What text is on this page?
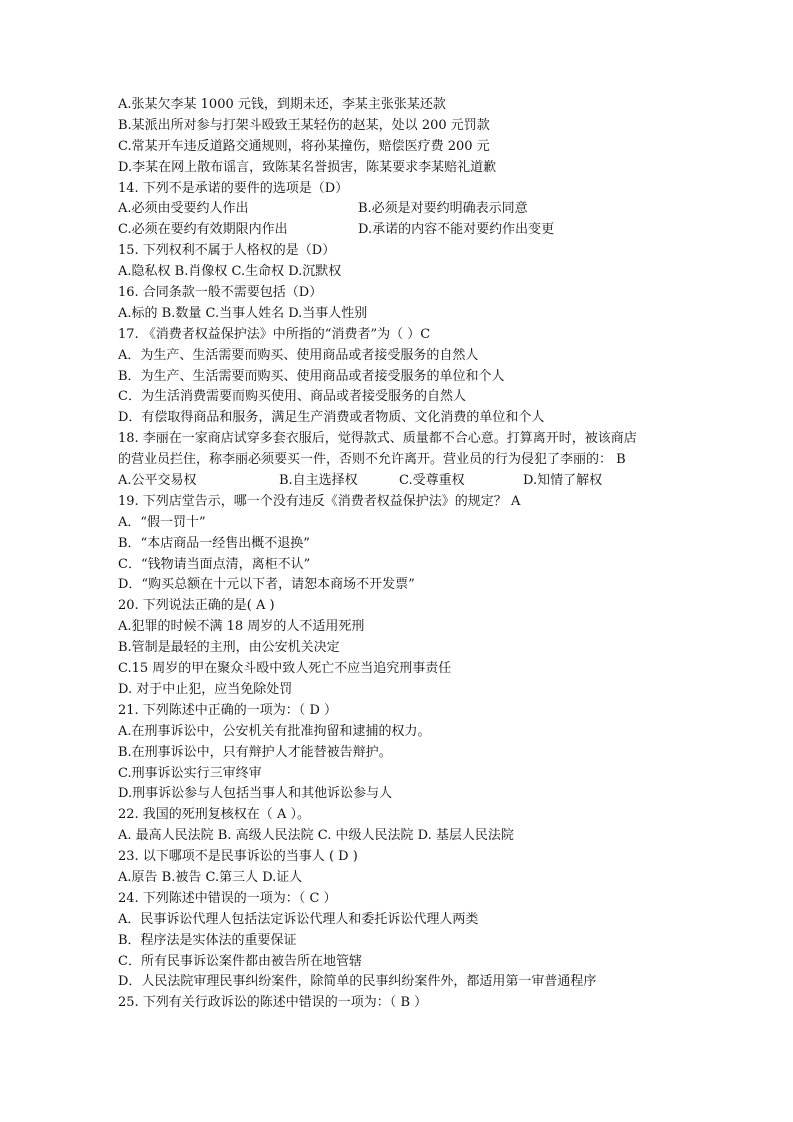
A.张某欠李某 1000 元钱，到期未还，李某主张张某还款
B.某派出所对参与打架斗殴致王某轻伤的赵某，处以 200 元罚款
C.常某开车违反道路交通规则，将孙某撞伤，赔偿医疗费 200 元
D.李某在网上散布谣言，致陈某名誉损害，陈某要求李某赔礼道歉
14. 下列不是承诺的要件的选项是（D）
A.必须由受要约人作出	B.必须是对要约明确表示同意
C.必须在要约有效期限内作出	D.承诺的内容不能对要约作出变更
15. 下列权利不属于人格权的是（D）
A.隐私权 B.肖像权 C.生命权 D.沉默权
16. 合同条款一般不需要包括（D）
A.标的 B.数量 C.当事人姓名 D.当事人性别
17. 《消费者权益保护法》中所指的“消费者”为（ ）C
A．为生产、生活需要而购买、使用商品或者接受服务的自然人
B．为生产、生活需要而购买、使用商品或者接受服务的单位和个人
C．为生活消费需要而购买使用、商品或者接受服务的自然人
D．有偿取得商品和服务，满足生产消费或者物质、文化消费的单位和个人
18. 李丽在一家商店试穿多套衣服后，觉得款式、质量都不合心意。打算离开时，被该商店
的营业员拦住，称李丽必须要买一件，否则不允许离开。营业员的行为侵犯了李丽的： B
A.公平交易权	B.自主选择权	C.受尊重权	D.知情了解权
19. 下列店堂告示，哪一个没有违反《消费者权益保护法》的规定？ A
A．“假一罚十”
B．“本店商品一经售出概不退换”
C．“钱物请当面点清，离柜不认”
D．“购买总额在十元以下者，请恕本商场不开发票”
20. 下列说法正确的是( A )
A.犯罪的时候不满 18 周岁的人不适用死刑
B.管制是最轻的主刑，由公安机关决定
C.15 周岁的甲在聚众斗殴中致人死亡不应当追究刑事责任
D. 对于中止犯，应当免除处罚
21. 下列陈述中正确的一项为：（ D ）
A.在刑事诉讼中，公安机关有批准拘留和逮捕的权力。
B.在刑事诉讼中，只有辩护人才能替被告辩护。
C.刑事诉讼实行三审终审
D.刑事诉讼参与人包括当事人和其他诉讼参与人
22. 我国的死刑复核权在（ A ）。
A. 最高人民法院 B. 高级人民法院 C. 中级人民法院 D. 基层人民法院
23. 以下哪项不是民事诉讼的当事人 ( D )
A.原告 B.被告 C.第三人 D.证人
24. 下列陈述中错误的一项为：（ C ）
A．民事诉讼代理人包括法定诉讼代理人和委托诉讼代理人两类
B．程序法是实体法的重要保证
C．所有民事诉讼案件都由被告所在地管辖
D．人民法院审理民事纠纷案件，除简单的民事纠纷案件外，都适用第一审普通程序
25. 下列有关行政诉讼的陈述中错误的一项为：（ B ）
